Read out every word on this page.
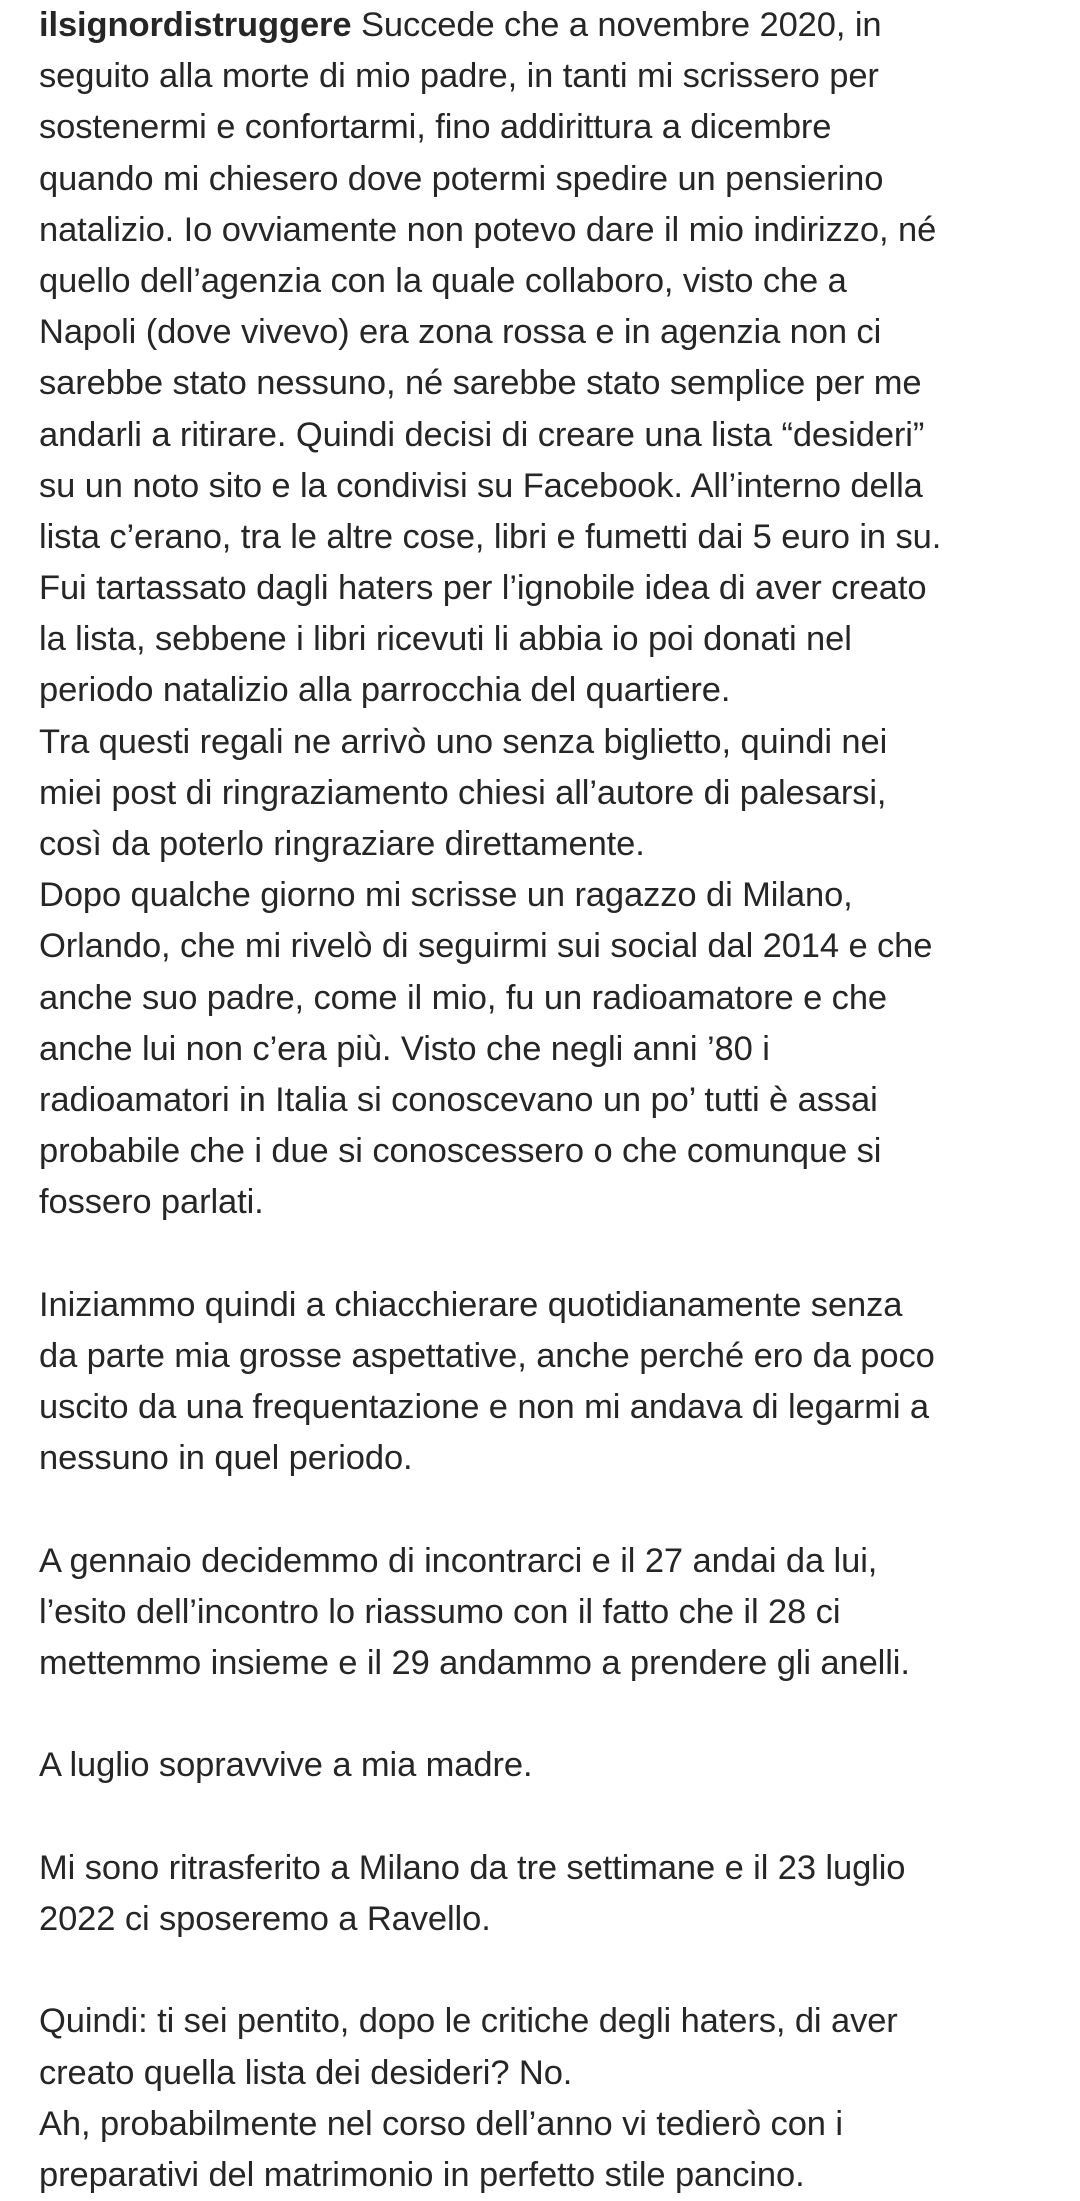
ilsignordistruggere Succede che a novembre 2020, in
seguito alla morte di mio padre, in tanti mi scrissero per
sostenermi e confortarmi, fino addirittura a dicembre
quando mi chiesero dove potermi spedire un pensierino
natalizio. Io ovviamente non potevo dare il mio indirizzo, né
quello dell’agenzia con la quale collaboro, visto che a
Napoli (dove vivevo) era zona rossa e in agenzia non ci
sarebbe stato nessuno, né sarebbe stato semplice per me
andarli a ritirare. Quindi decisi di creare una lista “desideri”
su un noto sito e la condivisi su Facebook. All’interno della
lista c’erano, tra le altre cose, libri e fumetti dai 5 euro in su.
Fui tartassato dagli haters per l’ignobile idea di aver creato
la lista, sebbene i libri ricevuti li abbia io poi donati nel
periodo natalizio alla parrocchia del quartiere.
Tra questi regali ne arrivò uno senza biglietto, quindi nei
miei post di ringraziamento chiesi all’autore di palesarsi,
così da poterlo ringraziare direttamente.
Dopo qualche giorno mi scrisse un ragazzo di Milano,
Orlando, che mi rivelò di seguirmi sui social dal 2014 e che
anche suo padre, come il mio, fu un radioamatore e che
anche lui non c’era più. Visto che negli anni ’80 i
radioamatori in Italia si conoscevano un po’ tutti è assai
probabile che i due si conoscessero o che comunque si
fossero parlati.
Iniziammo quindi a chiacchierare quotidianamente senza
da parte mia grosse aspettative, anche perché ero da poco
uscito da una frequentazione e non mi andava di legarmi a
nessuno in quel periodo.
A gennaio decidemmo di incontrarci e il 27 andai da lui,
l’esito dell’incontro lo riassumo con il fatto che il 28 ci
mettemmo insieme e il 29 andammo a prendere gli anelli.
A luglio sopravvive a mia madre.
Mi sono ritrasferito a Milano da tre settimane e il 23 luglio
2022 ci sposeremo a Ravello.
Quindi: ti sei pentito, dopo le critiche degli haters, di aver
creato quella lista dei desideri? No.
Ah, probabilmente nel corso dell’anno vi tedierò con i
preparativi del matrimonio in perfetto stile pancino.
